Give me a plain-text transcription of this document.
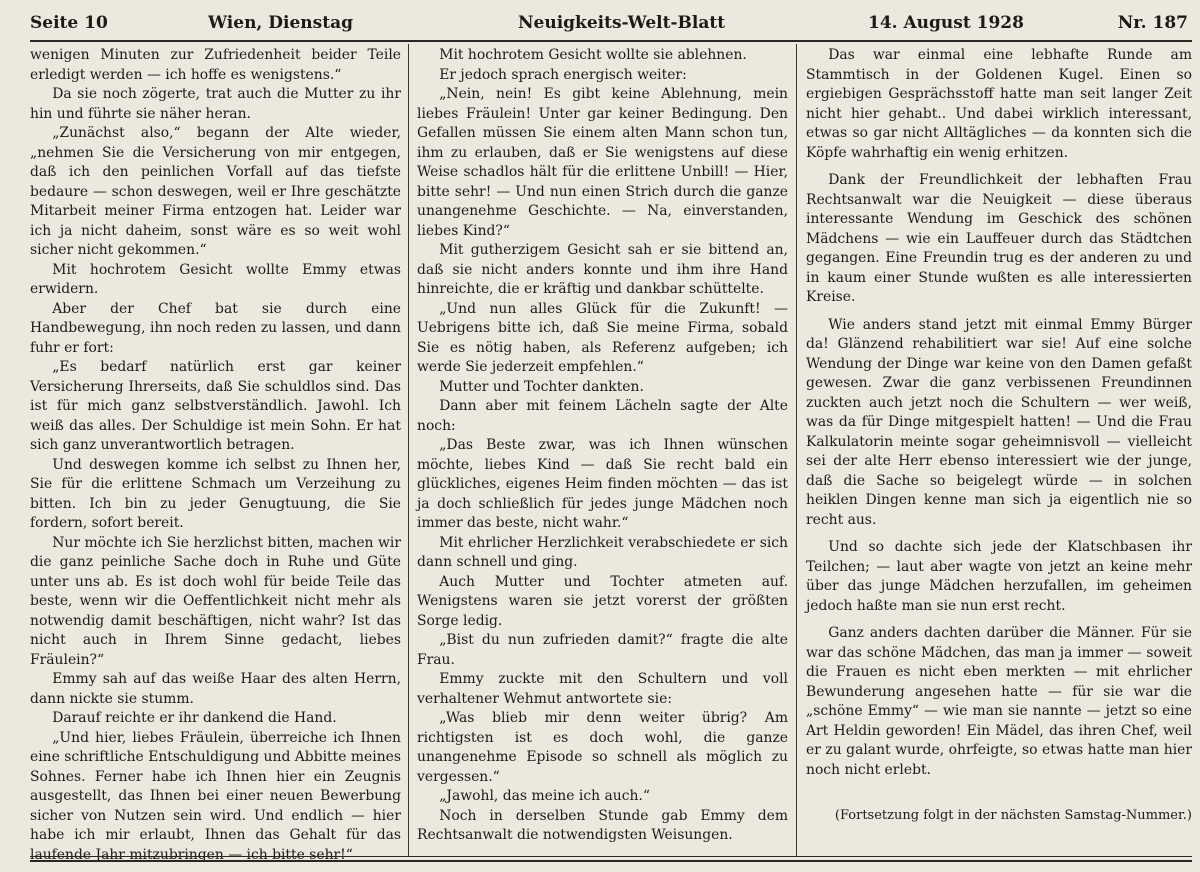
Seite 10	Wien, Dienstag	Neuigkeits-Welt-Blatt	14. August 1928	Nr. 187

wenigen Minuten zur Zufriedenheit beider Teile erledigt werden — ich hoffe es wenigstens.“

Da sie noch zögerte, trat auch die Mutter zu ihr hin und führte sie näher heran.

„Zunächst also,“ begann der Alte wieder, „nehmen Sie die Versicherung von mir entgegen, daß ich den peinlichen Vorfall auf das tiefste bedaure — schon deswegen, weil er Ihre geschätzte Mitarbeit meiner Firma entzogen hat. Leider war ich ja nicht daheim, sonst wäre es so weit wohl sicher nicht gekommen.“

Mit hochrotem Gesicht wollte Emmy etwas erwidern.

Aber der Chef bat sie durch eine Handbewegung, ihn noch reden zu lassen, und dann fuhr er fort:

„Es bedarf natürlich erst gar keiner Versicherung Ihrerseits, daß Sie schuldlos sind. Das ist für mich ganz selbstverständlich. Jawohl. Ich weiß das alles. Der Schuldige ist mein Sohn. Er hat sich ganz unverantwortlich betragen.

Und deswegen komme ich selbst zu Ihnen her, Sie für die erlittene Schmach um Verzeihung zu bitten. Ich bin zu jeder Genugtuung, die Sie fordern, sofort bereit.

Nur möchte ich Sie herzlichst bitten, machen wir die ganz peinliche Sache doch in Ruhe und Güte unter uns ab. Es ist doch wohl für beide Teile das beste, wenn wir die Oeffentlichkeit nicht mehr als notwendig damit beschäftigen, nicht wahr? Ist das nicht auch in Ihrem Sinne gedacht, liebes Fräulein?“

Emmy sah auf das weiße Haar des alten Herrn, dann nickte sie stumm.

Darauf reichte er ihr dankend die Hand.

„Und hier, liebes Fräulein, überreiche ich Ihnen eine schriftliche Entschuldigung und Abbitte meines Sohnes. Ferner habe ich Ihnen hier ein Zeugnis ausgestellt, das Ihnen bei einer neuen Bewerbung sicher von Nutzen sein wird. Und endlich — hier habe ich mir erlaubt, Ihnen das Gehalt für das laufende Jahr mitzubringen — ich bitte sehr!“

Mit hochrotem Gesicht wollte sie ablehnen.

Er jedoch sprach energisch weiter:

„Nein, nein! Es gibt keine Ablehnung, mein liebes Fräulein! Unter gar keiner Bedingung. Den Gefallen müssen Sie einem alten Mann schon tun, ihm zu erlauben, daß er Sie wenigstens auf diese Weise schadlos hält für die erlittene Unbill! — Hier, bitte sehr! — Und nun einen Strich durch die ganze unangenehme Geschichte. — Na, einverstanden, liebes Kind?“

Mit gutherzigem Gesicht sah er sie bittend an, daß sie nicht anders konnte und ihm ihre Hand hinreichte, die er kräftig und dankbar schüttelte.

„Und nun alles Glück für die Zukunft! — Uebrigens bitte ich, daß Sie meine Firma, sobald Sie es nötig haben, als Referenz aufgeben; ich werde Sie jederzeit empfehlen.“

Mutter und Tochter dankten.

Dann aber mit feinem Lächeln sagte der Alte noch:

„Das Beste zwar, was ich Ihnen wünschen möchte, liebes Kind — daß Sie recht bald ein glückliches, eigenes Heim finden möchten — das ist ja doch schließlich für jedes junge Mädchen noch immer das beste, nicht wahr.“

Mit ehrlicher Herzlichkeit verabschiedete er sich dann schnell und ging.

Auch Mutter und Tochter atmeten auf. Wenigstens waren sie jetzt vorerst der größten Sorge ledig.

„Bist du nun zufrieden damit?“ fragte die alte Frau.

Emmy zuckte mit den Schultern und voll verhaltener Wehmut antwortete sie:

„Was blieb mir denn weiter übrig? Am richtigsten ist es doch wohl, die ganze unangenehme Episode so schnell als möglich zu vergessen.“

„Jawohl, das meine ich auch.“

Noch in derselben Stunde gab Emmy dem Rechtsanwalt die notwendigsten Weisungen.

Das war einmal eine lebhafte Runde am Stammtisch in der Goldenen Kugel. Einen so ergiebigen Gesprächsstoff hatte man seit langer Zeit nicht hier gehabt.. Und dabei wirklich interessant, etwas so gar nicht Alltägliches — da konnten sich die Köpfe wahrhaftig ein wenig erhitzen.

Dank der Freundlichkeit der lebhaften Frau Rechtsanwalt war die Neuigkeit — diese überaus interessante Wendung im Geschick des schönen Mädchens — wie ein Lauffeuer durch das Städtchen gegangen. Eine Freundin trug es der anderen zu und in kaum einer Stunde wußten es alle interessierten Kreise.

Wie anders stand jetzt mit einmal Emmy Bürger da! Glänzend rehabilitiert war sie! Auf eine solche Wendung der Dinge war keine von den Damen gefaßt gewesen. Zwar die ganz verbissenen Freundinnen zuckten auch jetzt noch die Schultern — wer weiß, was da für Dinge mitgespielt hatten! — Und die Frau Kalkulatorin meinte sogar geheimnisvoll — vielleicht sei der alte Herr ebenso interessiert wie der junge, daß die Sache so beigelegt würde — in solchen heiklen Dingen kenne man sich ja eigentlich nie so recht aus.

Und so dachte sich jede der Klatschbasen ihr Teilchen; — laut aber wagte von jetzt an keine mehr über das junge Mädchen herzufallen, im geheimen jedoch haßte man sie nun erst recht.

Ganz anders dachten darüber die Männer. Für sie war das schöne Mädchen, das man ja immer — soweit die Frauen es nicht eben merkten — mit ehrlicher Bewunderung angesehen hatte — für sie war die „schöne Emmy“ — wie man sie nannte — jetzt so eine Art Heldin geworden! Ein Mädel, das ihren Chef, weil er zu galant wurde, ohrfeigte, so etwas hatte man hier noch nicht erlebt.

(Fortsetzung folgt in der nächsten Samstag-Nummer.)
